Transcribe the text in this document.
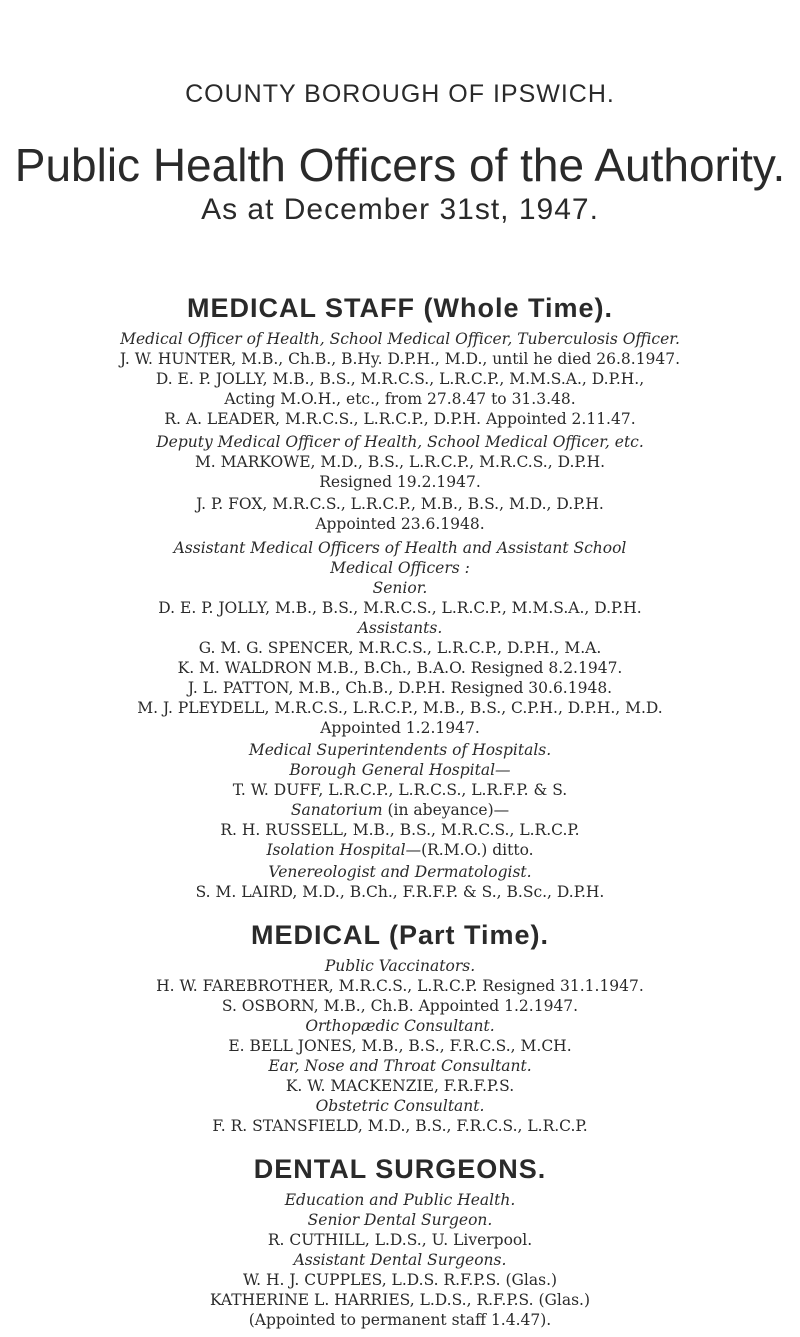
COUNTY BOROUGH OF IPSWICH.
Public Health Officers of the Authority.
As at December 31st, 1947.
MEDICAL STAFF (Whole Time).
Medical Officer of Health, School Medical Officer, Tuberculosis Officer.
J. W. HUNTER, M.B., Ch.B., B.Hy. D.P.H., M.D., until he died 26.8.1947.
D. E. P. JOLLY, M.B., B.S., M.R.C.S., L.R.C.P., M.M.S.A., D.P.H.,
Acting M.O.H., etc., from 27.8.47 to 31.3.48.
R. A. LEADER, M.R.C.S., L.R.C.P., D.P.H. Appointed 2.11.47.
Deputy Medical Officer of Health, School Medical Officer, etc.
M. MARKOWE, M.D., B.S., L.R.C.P., M.R.C.S., D.P.H.
Resigned 19.2.1947.
J. P. FOX, M.R.C.S., L.R.C.P., M.B., B.S., M.D., D.P.H.
Appointed 23.6.1948.
Assistant Medical Officers of Health and Assistant School
Medical Officers :
Senior.
D. E. P. JOLLY, M.B., B.S., M.R.C.S., L.R.C.P., M.M.S.A., D.P.H.
Assistants.
G. M. G. SPENCER, M.R.C.S., L.R.C.P., D.P.H., M.A.
K. M. WALDRON M.B., B.Ch., B.A.O. Resigned 8.2.1947.
J. L. PATTON, M.B., Ch.B., D.P.H. Resigned 30.6.1948.
M. J. PLEYDELL, M.R.C.S., L.R.C.P., M.B., B.S., C.P.H., D.P.H., M.D.
Appointed 1.2.1947.
Medical Superintendents of Hospitals.
Borough General Hospital—
T. W. DUFF, L.R.C.P., L.R.C.S., L.R.F.P. & S.
Sanatorium (in abeyance)—
R. H. RUSSELL, M.B., B.S., M.R.C.S., L.R.C.P.
Isolation Hospital—(R.M.O.) ditto.
Venereologist and Dermatologist.
S. M. LAIRD, M.D., B.Ch., F.R.F.P. & S., B.Sc., D.P.H.
MEDICAL (Part Time).
Public Vaccinators.
H. W. FAREBROTHER, M.R.C.S., L.R.C.P. Resigned 31.1.1947.
S. OSBORN, M.B., Ch.B. Appointed 1.2.1947.
Orthopædic Consultant.
E. BELL JONES, M.B., B.S., F.R.C.S., M.CH.
Ear, Nose and Throat Consultant.
K. W. MACKENZIE, F.R.F.P.S.
Obstetric Consultant.
F. R. STANSFIELD, M.D., B.S., F.R.C.S., L.R.C.P.
DENTAL SURGEONS.
Education and Public Health.
Senior Dental Surgeon.
R. CUTHILL, L.D.S., U. Liverpool.
Assistant Dental Surgeons.
W. H. J. CUPPLES, L.D.S. R.F.P.S. (Glas.)
KATHERINE L. HARRIES, L.D.S., R.F.P.S. (Glas.)
(Appointed to permanent staff 1.4.47).
